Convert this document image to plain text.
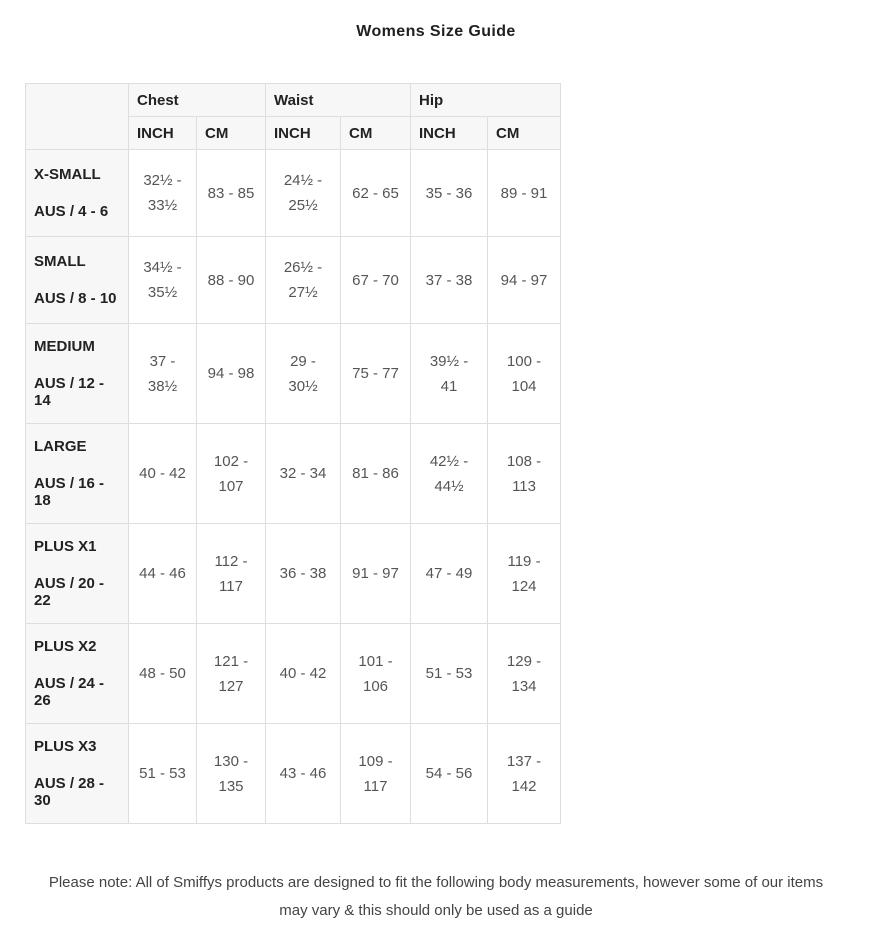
Womens Size Guide
	Chest		Waist		Hip	
	INCH	CM	INCH	CM	INCH	CM

X-SMALL
AUS / 4 - 6	32½ - 33½	83 - 85	24½ - 25½	62 - 65	35 - 36	89 - 91

SMALL
AUS / 8 - 10	34½ - 35½	88 - 90	26½ - 27½	67 - 70	37 - 38	94 - 97

MEDIUM
AUS / 12 - 14	37 - 38½	94 - 98	29 - 30½	75 - 77	39½ - 41	100 - 104

LARGE
AUS / 16 - 18	40 - 42	102 - 107	32 - 34	81 - 86	42½ - 44½	108 - 113

PLUS X1
AUS / 20 - 22	44 - 46	112 - 117	36 - 38	91 - 97	47 - 49	119 - 124

PLUS X2
AUS / 24 - 26	48 - 50	121 - 127	40 - 42	101 - 106	51 - 53	129 - 134

PLUS X3
AUS / 28 - 30	51 - 53	130 - 135	43 - 46	109 - 117	54 - 56	137 - 142
Please note: All of Smiffys products are designed to fit the following body measurements, however some of our items
may vary & this should only be used as a guide
